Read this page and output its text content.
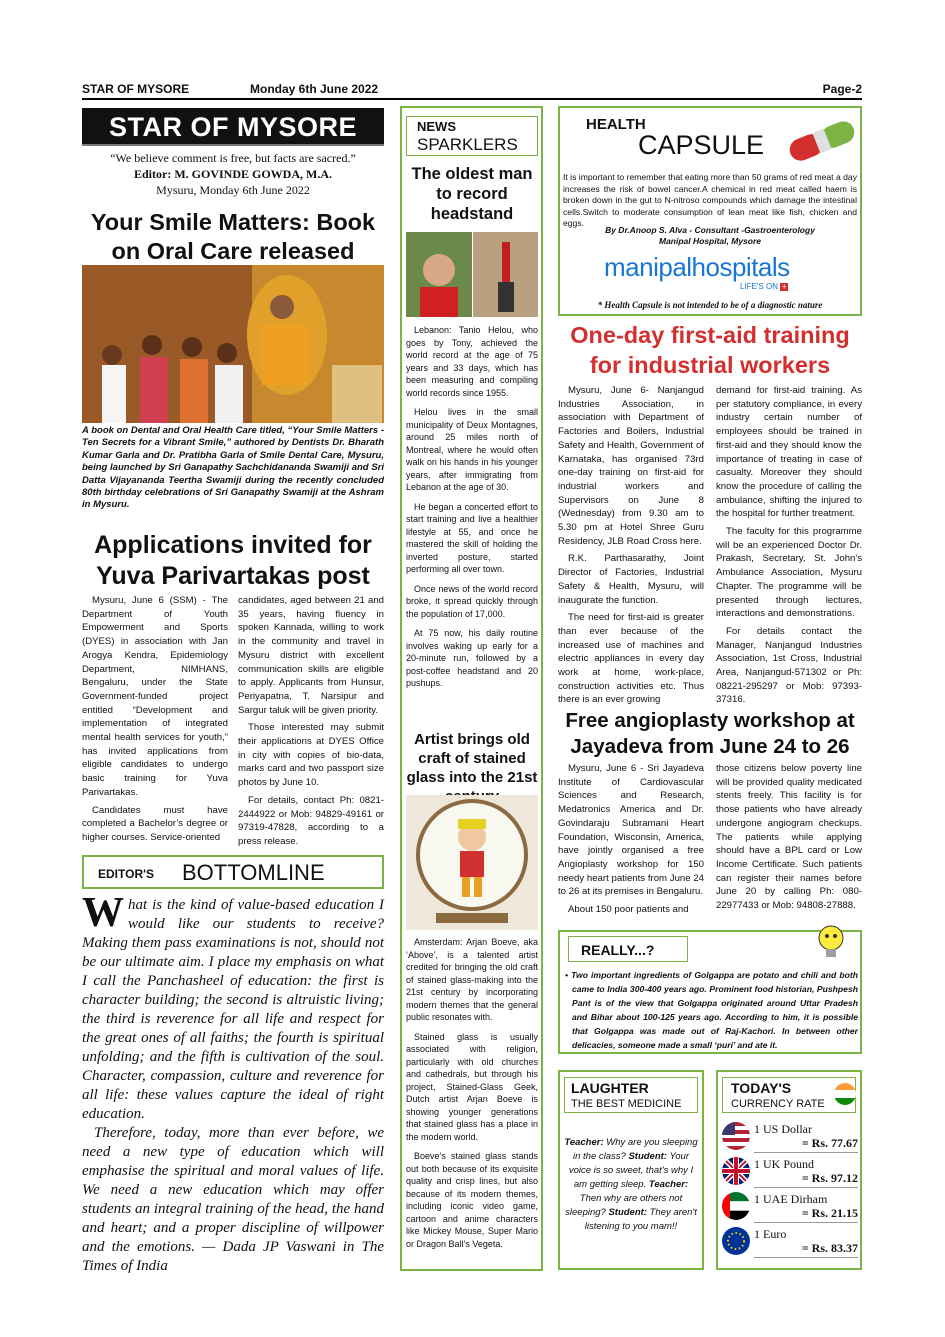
STAR OF MYSORE	Monday 6th June 2022	Page-2
STAR OF MYSORE
“We believe comment is free, but facts are sacred.”
Editor: M. GOVINDE GOWDA, M.A.
Mysuru, Monday 6th June 2022
Your Smile Matters: Book on Oral Care released
A book on Dental and Oral Health Care titled, “Your Smile Matters - Ten Secrets for a Vibrant Smile,” authored by Dentists Dr. Bharath Kumar Garla and Dr. Pratibha Garla of Smile Dental Care, Mysuru, being launched by Sri Ganapathy Sachchidananda Swamiji and Sri Datta Vijayananda Teertha Swamiji during the recently concluded 80th birthday celebrations of Sri Ganapathy Swamiji at the Ashram in Mysuru.
Applications invited for Yuva Parivartakas post

Mysuru, June 6 (SSM) - The Department of Youth Empowerment and Sports (DYES) in association with Jan Arogya Kendra, Epidemiology Department, NIMHANS, Bengaluru, under the State Government-funded project entitled “Development and implementation of integrated mental health services for youth,” has invited applications from eligible candidates to undergo basic training for Yuva Parivartakas.

Candidates must have completed a Bachelor’s degree or higher courses. Service-oriented

candidates, aged between 21 and 35 years, having fluency in spoken Kannada, willing to work in the community and travel in Mysuru district with excellent communication skills are eligible to apply. Applicants from Hunsur, Periyapatna, T. Narsipur and Sargur taluk will be given priority.

Those interested may submit their applications at DYES Office in city with copies of bio-data, marks card and two passport size photos by June 10.

For details, contact Ph: 0821-2444922 or Mob: 94829-49161 or 97319-47828, according to a press release.

EDITOR'S BOTTOMLINE

What is the kind of value-based education I would like our students to receive? Making them pass examinations is not, should not be our ultimate aim. I place my emphasis on what I call the Panchasheel of education: the first is character building; the second is altruistic living; the third is reverence for all life and respect for the great ones of all faiths; the fourth is spiritual unfolding; and the fifth is cultivation of the soul. Character, compassion, culture and reverence for all life: these values capture the ideal of right education.

Therefore, today, more than ever before, we need a new type of education which will emphasise the spiritual and moral values of life. We need a new education which may offer students an integral training of the head, the hand and heart; and a proper discipline of willpower and the emotions. — Dada JP Vaswani in The Times of India

NEWS
SPARKLERS
The oldest man to record headstand

Lebanon: Tanio Helou, who goes by Tony, achieved the world record at the age of 75 years and 33 days, which has been measuring and compiling world records since 1955.

Helou lives in the small municipality of Deux Montagnes, around 25 miles north of Montreal, where he would often walk on his hands in his younger years, after immigrating from Lebanon at the age of 30.

He began a concerted effort to start training and live a healthier lifestyle at 55, and once he mastered the skill of holding the inverted posture, started performing all over town.

Once news of the world record broke, it spread quickly through the population of 17,000.

At 75 now, his daily routine involves waking up early for a 20-minute run, followed by a post-coffee headstand and 20 pushups.

Artist brings old craft of stained glass into the 21st

Amsterdam: Arjan Boeve, aka ‘Above’, is a talented artist credited for bringing the old craft of stained glass-making into the 21st century by incorporating modern themes that the general public resonates with.

Stained glass is usually associated with religion, particularly with old churches and cathedrals, but through his project, Stained-Glass Geek, Dutch artist Arjan Boeve is showing younger generations that stained glass has a place in the modern world.

Boeve’s stained glass stands out both because of its exquisite quality and crisp lines, but also because of its modern themes, including iconic video game, cartoon and anime characters like Mickey Mouse, Super Mario or Dragon Ball’s Vegeta.

HEALTH
CAPSULE
It is important to remember that eating more than 50 grams of red meat a day increases the risk of bowel cancer.A chemical in red meat called haem is broken down in the gut to N-nitroso compounds which damage the intestinal cells.Switch to moderate consumption of lean meat like fish, chicken and eggs.
By Dr.Anoop S. Alva - Consultant -Gastroenterology
Manipal Hospital, Mysore
manipalhospitals
LIFE'S ON +
* Health Capsule is not intended to be of a diagnostic nature
One-day first-aid training for industrial workers

Mysuru, June 6- Nanjangud Industries Association, in association with Department of Factories and Boilers, Industrial Safety and Health, Government of Karnataka, has organised 73rd one-day training on first-aid for industrial workers and Supervisors on June 8 (Wednesday) from 9.30 am to 5.30 pm at Hotel Shree Guru Residency, JLB Road Cross here.

R.K. Parthasarathy, Joint Director of Factories, Industrial Safety & Health, Mysuru, will inaugurate the function.

The need for first-aid is greater than ever because of the increased use of machines and electric appliances in every day work at home, work-place, construction activities etc. Thus there is an ever growing

demand for first-aid training. As per statutory compliance, in every industry certain number of employees should be trained in first-aid and they should know the importance of treating in case of casualty. Moreover they should know the procedure of calling the ambulance, shifting the injured to the hospital for further treatment.

The faculty for this programme will be an experienced Doctor Dr. Prakash, Secretary, St. John's Ambulance Association, Mysuru Chapter. The programme will be presented through lectures, interactions and demonstrations.

For details contact the Manager, Nanjangud Industries Association, 1st Cross, Industrial Area, Nanjangud-571302 or Ph: 08221-295297 or Mob: 97393-37316.

Free angioplasty workshop at Jayadeva from June 24 to 26

Mysuru, June 6 - Sri Jayadeva Institute of Cardiovascular Sciences and Research, Medatronics America and Dr. Govindaraju Subramani Heart Foundation, Wisconsin, America, have jointly organised a free Angioplasty workshop for 150 needy heart patients from June 24 to 26 at its premises in Bengaluru.

About 150 poor patients and

those citizens below poverty line will be provided quality medicated stents freely. This facility is for those patients who have already undergone angiogram checkups. The patients while applying should have a BPL card or Low Income Certificate. Such patients can register their names before June 20 by calling Ph: 080-22977433 or Mob: 94808-27888.

REALLY...?
• Two important ingredients of Golgappa are potato and chili and both came to India 300-400 years ago. Prominent food historian, Pushpesh Pant is of the view that Golgappa originated around Uttar Pradesh and Bihar about 100-125 years ago. According to him, it is possible that Golgappa was made out of Raj-Kachori. In between other delicacies, someone made a small ‘puri’ and ate it.
LAUGHTER
THE BEST MEDICINE
Teacher: Why are you sleeping in the class? Student: Your voice is so sweet, that's why I am getting sleep. Teacher: Then why are others not sleeping? Student: They aren't listening to you mam!!
TODAY'S
CURRENCY RATE
1 US Dollar
= Rs. 77.67
1 UK Pound
= Rs. 97.12
1 UAE Dirham
= Rs. 21.15
1 Euro
= Rs. 83.37
